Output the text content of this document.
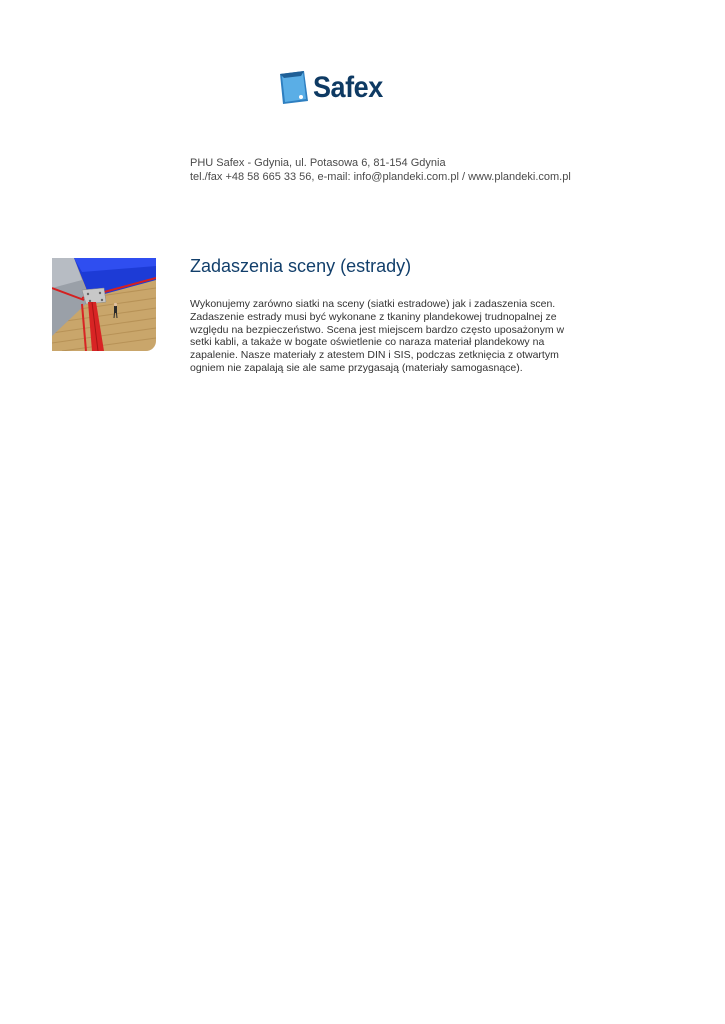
Safex
PHU Safex - Gdynia, ul. Potasowa 6, 81-154 Gdynia
tel./fax +48 58 665 33 56, e-mail: info@plandeki.com.pl / www.plandeki.com.pl
Zadaszenia sceny (estrady)

Wykonujemy zarówno siatki na sceny (siatki estradowe) jak i zadaszenia scen. Zadaszenie estrady musi być wykonane z tkaniny plandekowej trudnopalnej ze względu na bezpieczeństwo. Scena jest miejscem bardzo często uposażonym w setki kabli, a takaże w bogate oświetlenie co naraza materiał plandekowy na zapalenie. Nasze materiały z atestem DIN i SIS, podczas zetknięcia z otwartym ogniem nie zapalają sie ale same przygasają (materiały samogasnące).
